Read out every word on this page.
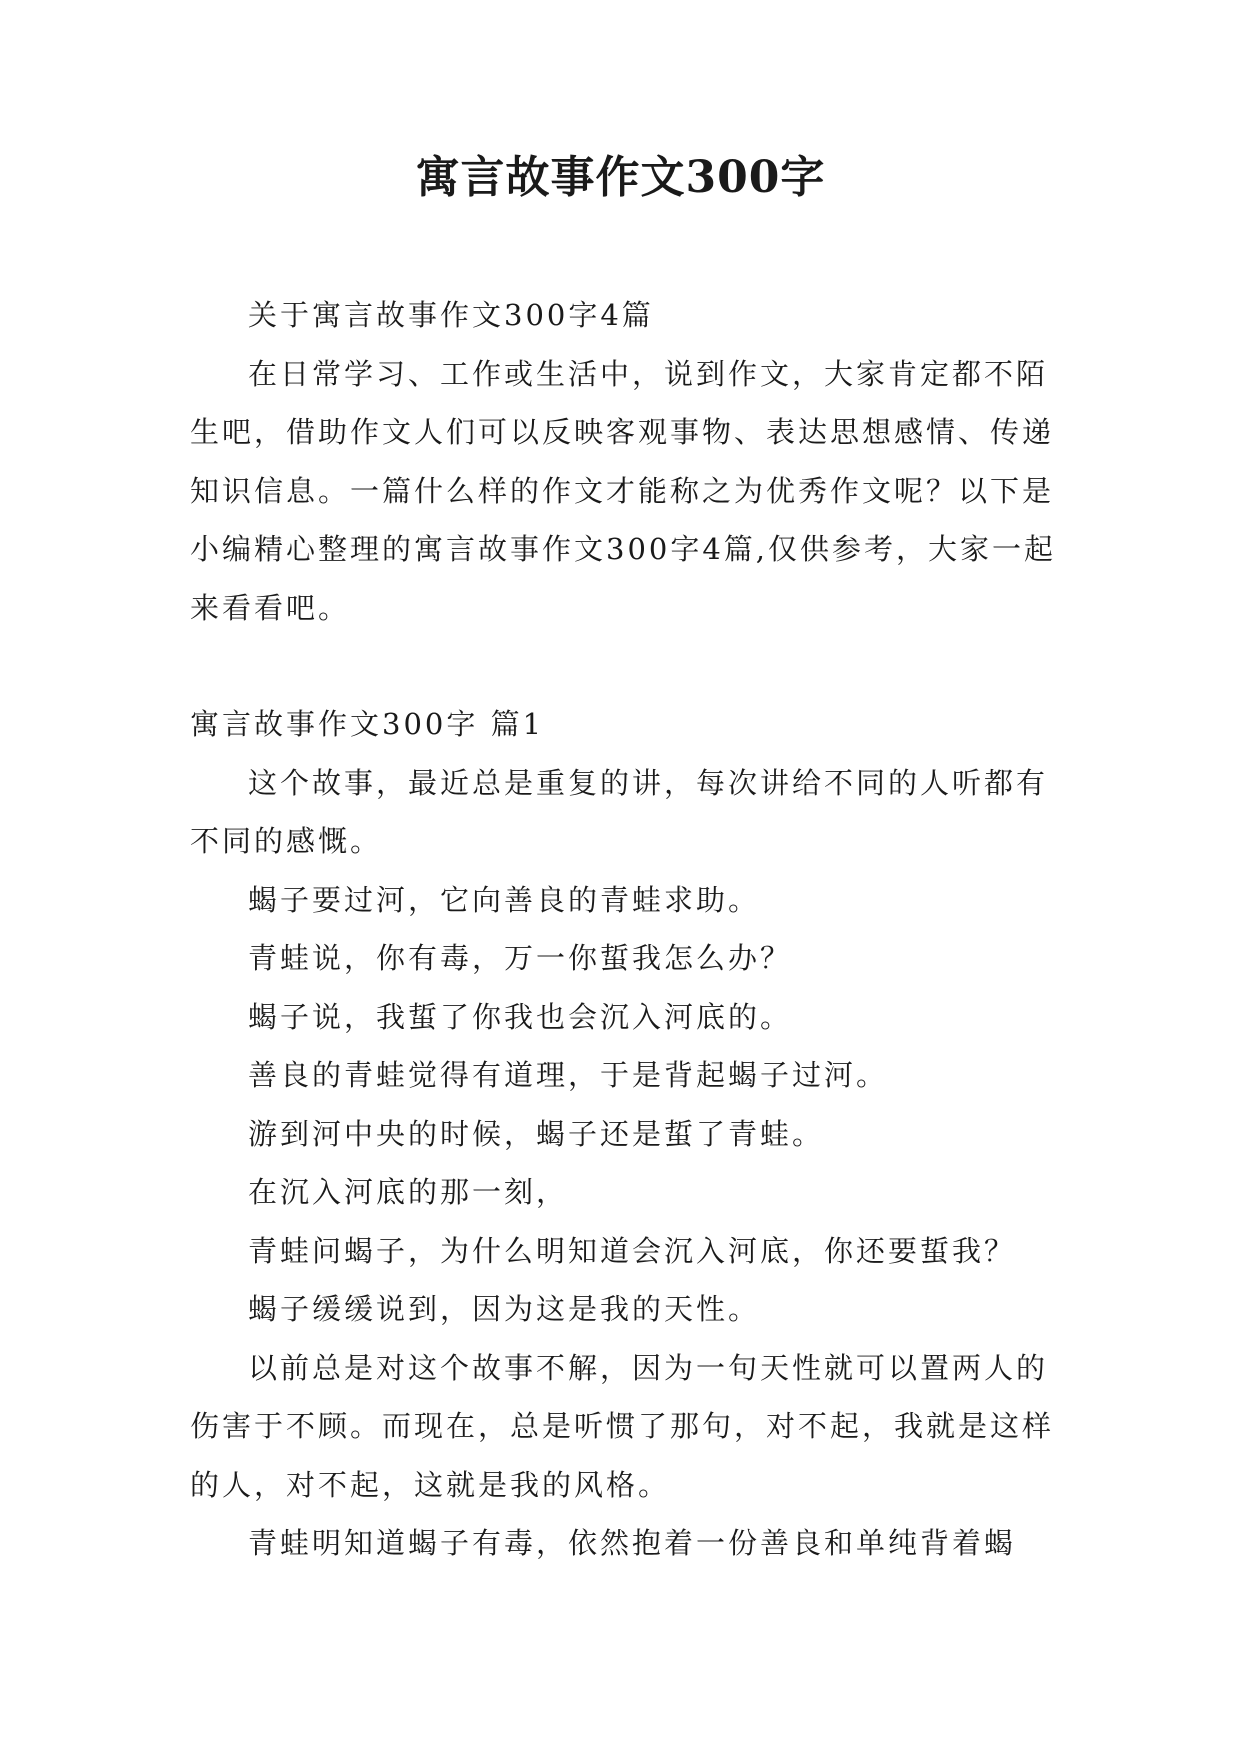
寓言故事作文300字

关于寓言故事作文300字4篇

在日常学习、工作或生活中，说到作文，大家肯定都不陌生吧，借助作文人们可以反映客观事物、表达思想感情、传递知识信息。一篇什么样的作文才能称之为优秀作文呢？以下是小编精心整理的寓言故事作文300字4篇,仅供参考，大家一起来看看吧。

寓言故事作文300字 篇1

这个故事，最近总是重复的讲，每次讲给不同的人听都有不同的感慨。

蝎子要过河，它向善良的青蛙求助。

青蛙说，你有毒，万一你蜇我怎么办？

蝎子说，我蜇了你我也会沉入河底的。

善良的青蛙觉得有道理，于是背起蝎子过河。

游到河中央的时候，蝎子还是蜇了青蛙。

在沉入河底的那一刻，

青蛙问蝎子，为什么明知道会沉入河底，你还要蜇我？

蝎子缓缓说到，因为这是我的天性。

以前总是对这个故事不解，因为一句天性就可以置两人的伤害于不顾。而现在，总是听惯了那句，对不起，我就是这样的人，对不起，这就是我的风格。

青蛙明知道蝎子有毒，依然抱着一份善良和单纯背着蝎
